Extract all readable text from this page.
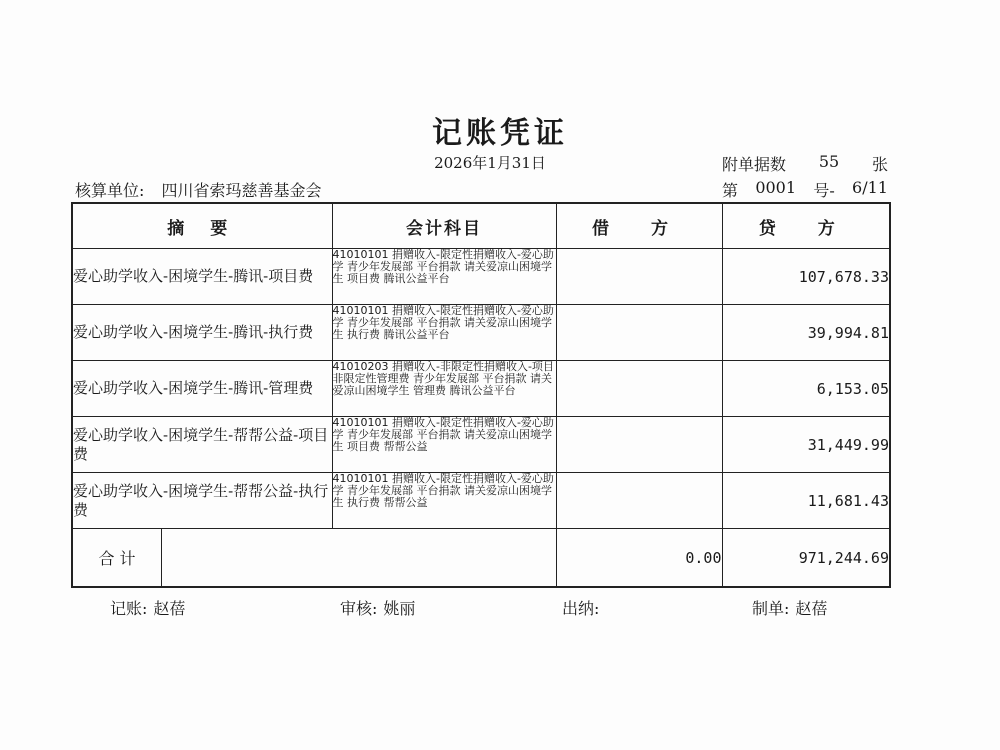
记账凭证
2026年1月31日	附单据数 55 张
核算单位: 四川省索玛慈善基金会	第 0001 号- 6/11
摘 要	会计科目	借 方	贷 方
爱心助学收入-困境学生-腾讯-项目费	41010101 捐赠收入-限定性捐赠收入-爱心助学 青少年发展部 平台捐款 请关爱凉山困境学生 项目费 腾讯公益平台		107,678.33
爱心助学收入-困境学生-腾讯-执行费	41010101 捐赠收入-限定性捐赠收入-爱心助学 青少年发展部 平台捐款 请关爱凉山困境学生 执行费 腾讯公益平台		39,994.81
爱心助学收入-困境学生-腾讯-管理费	41010203 捐赠收入-非限定性捐赠收入-项目非限定性管理费 青少年发展部 平台捐款 请关爱凉山困境学生 管理费 腾讯公益平台		6,153.05
爱心助学收入-困境学生-帮帮公益-项目费	41010101 捐赠收入-限定性捐赠收入-爱心助学 青少年发展部 平台捐款 请关爱凉山困境学生 项目费 帮帮公益		31,449.99
爱心助学收入-困境学生-帮帮公益-执行费	41010101 捐赠收入-限定性捐赠收入-爱心助学 青少年发展部 平台捐款 请关爱凉山困境学生 执行费 帮帮公益		11,681.43

合 计		0.00	971,244.69
记账: 赵蓓	审核: 姚丽	出纳:	制单: 赵蓓
